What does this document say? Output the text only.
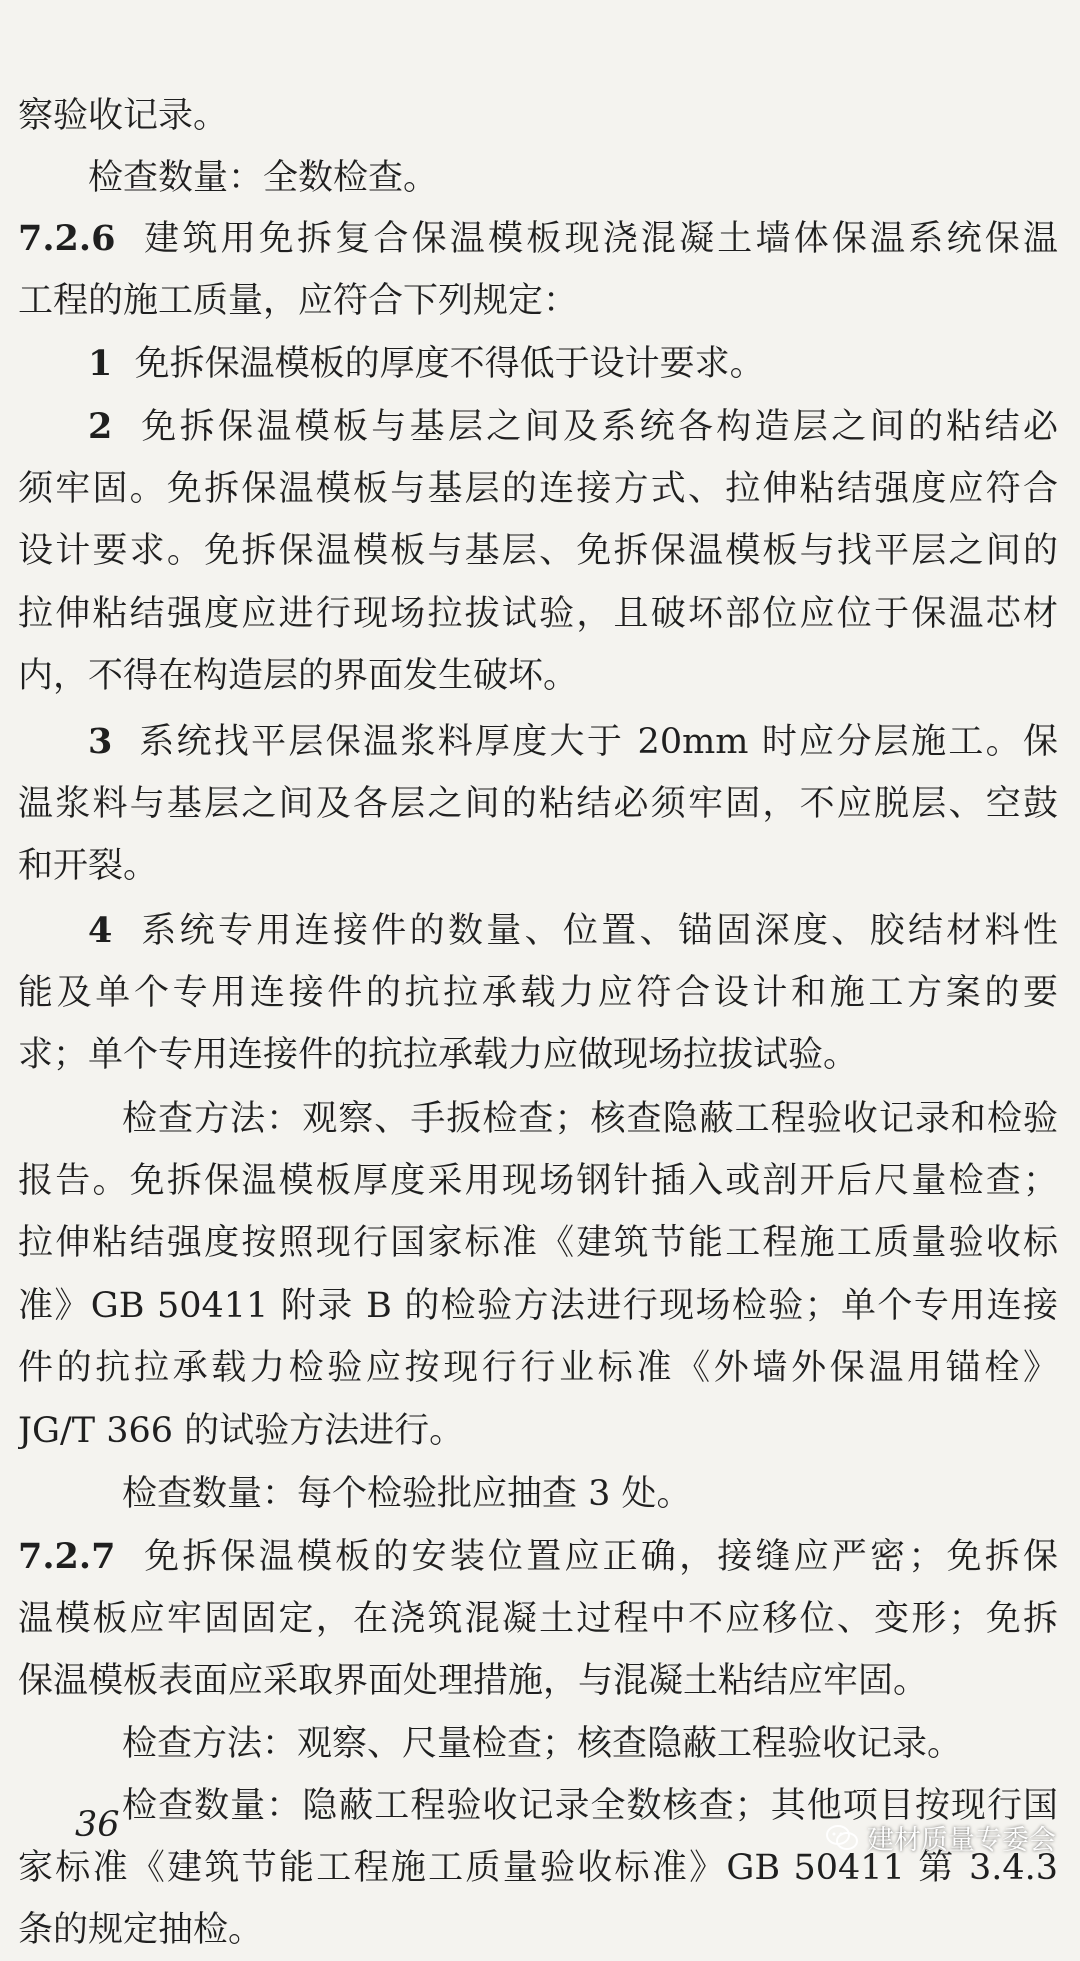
察验收记录。
检查数量：全数检查。
7.2.6 建筑用免拆复合保温模板现浇混凝土墙体保温系统保温
工程的施工质量，应符合下列规定：
1 免拆保温模板的厚度不得低于设计要求。
2 免拆保温模板与基层之间及系统各构造层之间的粘结必
须牢固。免拆保温模板与基层的连接方式、拉伸粘结强度应符合
设计要求。免拆保温模板与基层、免拆保温模板与找平层之间的
拉伸粘结强度应进行现场拉拔试验，且破坏部位应位于保温芯材
内，不得在构造层的界面发生破坏。
3 系统找平层保温浆料厚度大于 20mm 时应分层施工。保
温浆料与基层之间及各层之间的粘结必须牢固，不应脱层、空鼓
和开裂。
4 系统专用连接件的数量、位置、锚固深度、胶结材料性
能及单个专用连接件的抗拉承载力应符合设计和施工方案的要
求；单个专用连接件的抗拉承载力应做现场拉拔试验。
检查方法：观察、手扳检查；核查隐蔽工程验收记录和检验
报告。免拆保温模板厚度采用现场钢针插入或剖开后尺量检查；
拉伸粘结强度按照现行国家标准《建筑节能工程施工质量验收标
准》GB 50411 附录 B 的检验方法进行现场检验；单个专用连接
件的抗拉承载力检验应按现行行业标准《外墙外保温用锚栓》
JG/T 366 的试验方法进行。
检查数量：每个检验批应抽查 3 处。
7.2.7 免拆保温模板的安装位置应正确，接缝应严密；免拆保
温模板应牢固固定，在浇筑混凝土过程中不应移位、变形；免拆
保温模板表面应采取界面处理措施，与混凝土粘结应牢固。
检查方法：观察、尺量检查；核查隐蔽工程验收记录。
检查数量：隐蔽工程验收记录全数核查；其他项目按现行国
家标准《建筑节能工程施工质量验收标准》GB 50411 第 3.4.3
条的规定抽检。
36	建材质量专委会
